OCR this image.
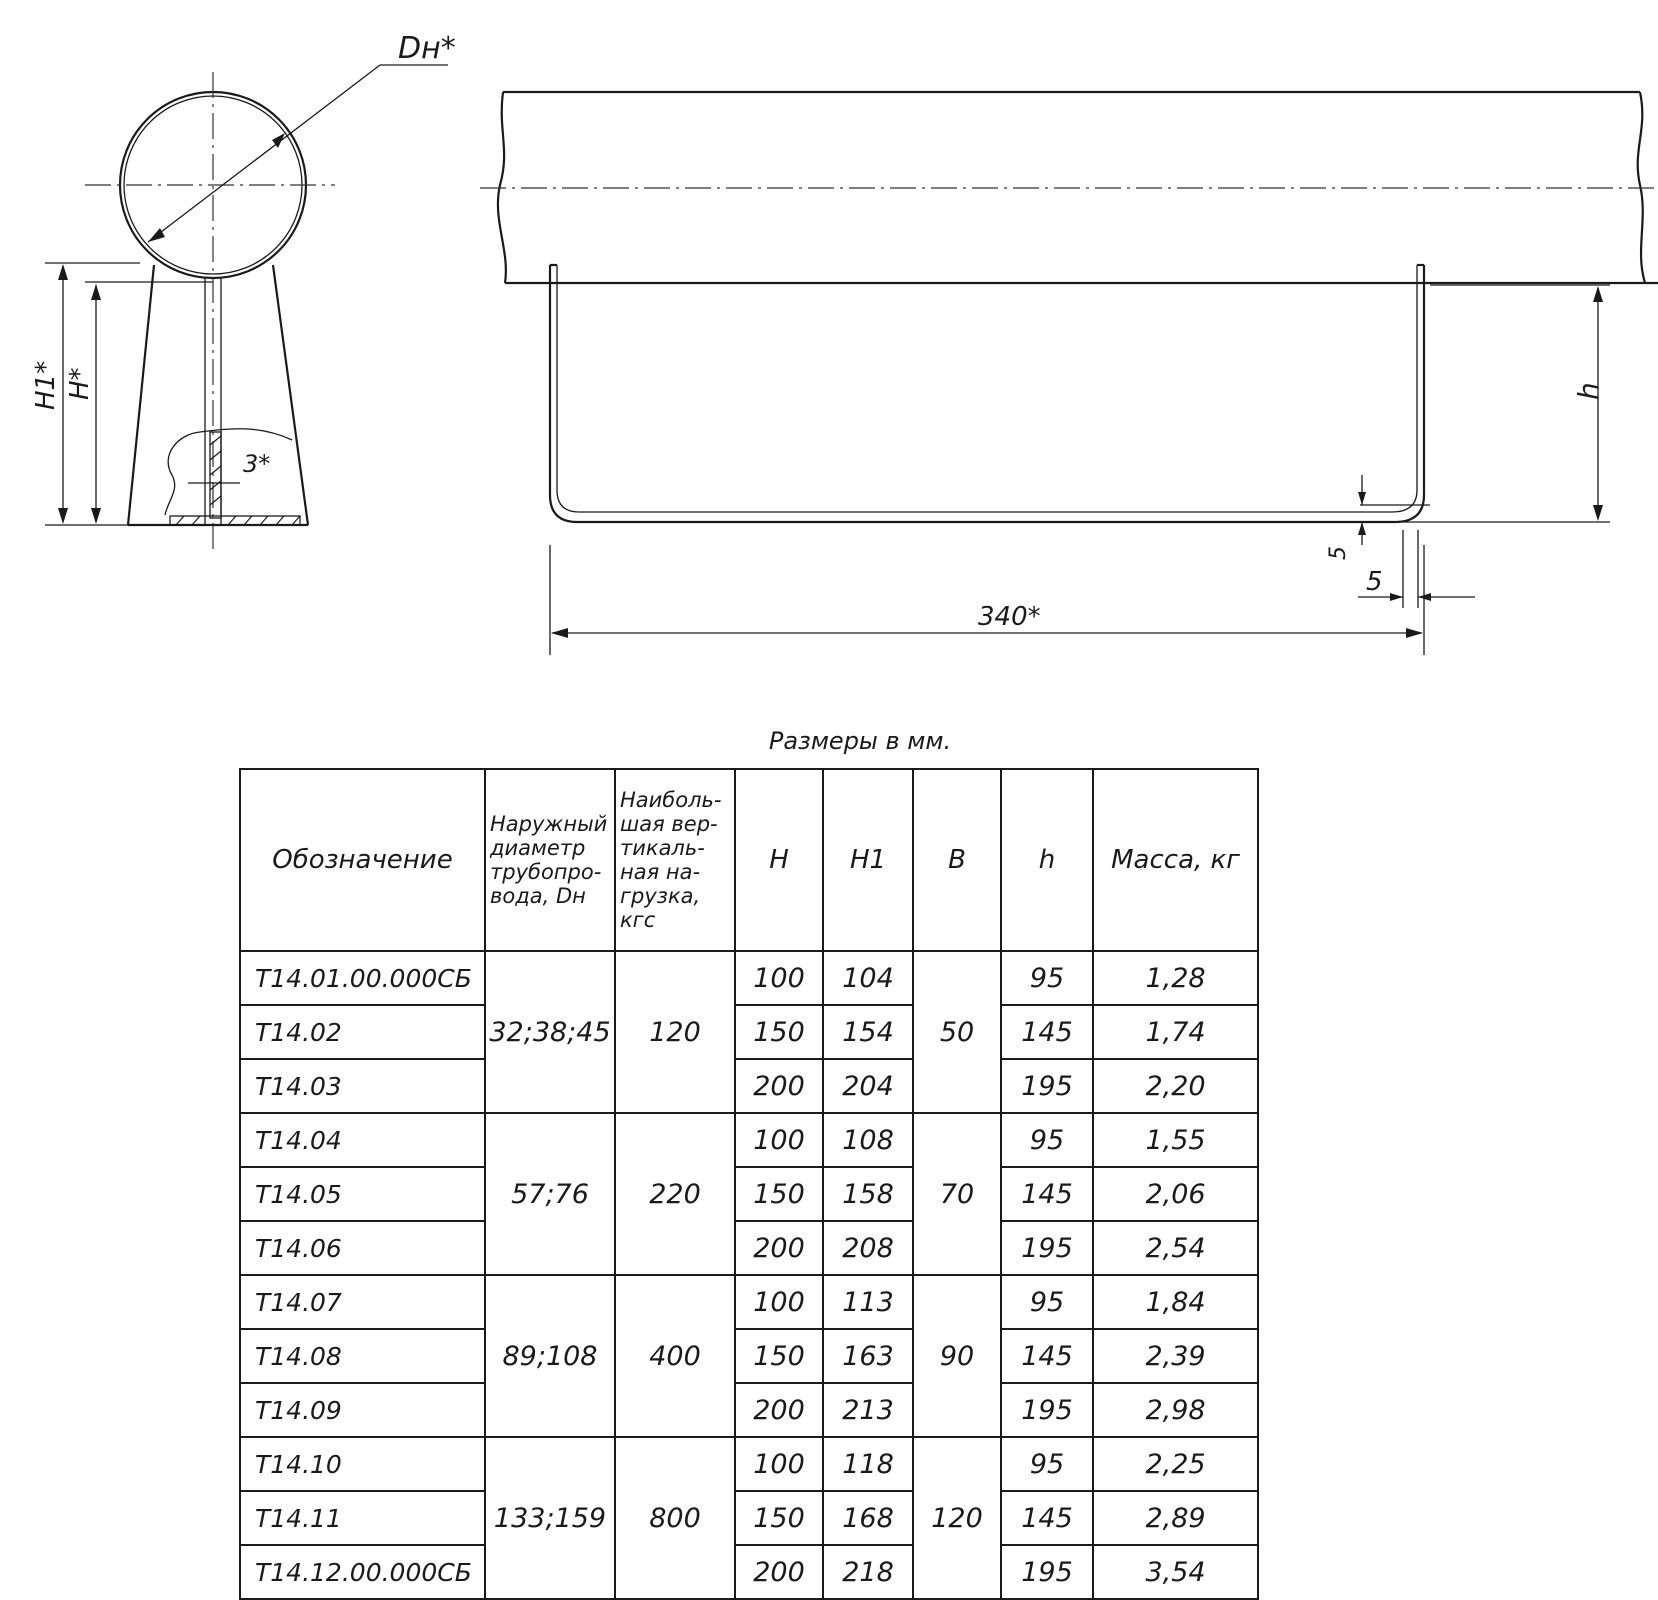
Dн*
3*
H1* H*	h
5
5
340*
Размеры в мм.
Обозначение	Наружный диаметр трубопро-вода, Dн	Наиболь-шая вер-тикаль-ная на-грузка, кгс	H	H1	B	h	Масса, кг
Т14.01.00.000СБ	32;38;45	120	100	104	50	95	1,28
Т14.02			150	154		145	1,74
Т14.03			200	204		195	2,20
Т14.04	57;76	220	100	108	70	95	1,55
Т14.05			150	158		145	2,06
Т14.06			200	208		195	2,54
Т14.07	89;108	400	100	113	90	95	1,84
Т14.08			150	163		145	2,39
Т14.09			200	213		195	2,98
Т14.10	133;159	800	100	118	120	95	2,25
Т14.11			150	168		145	2,89
Т14.12.00.000СБ			200	218		195	3,54
